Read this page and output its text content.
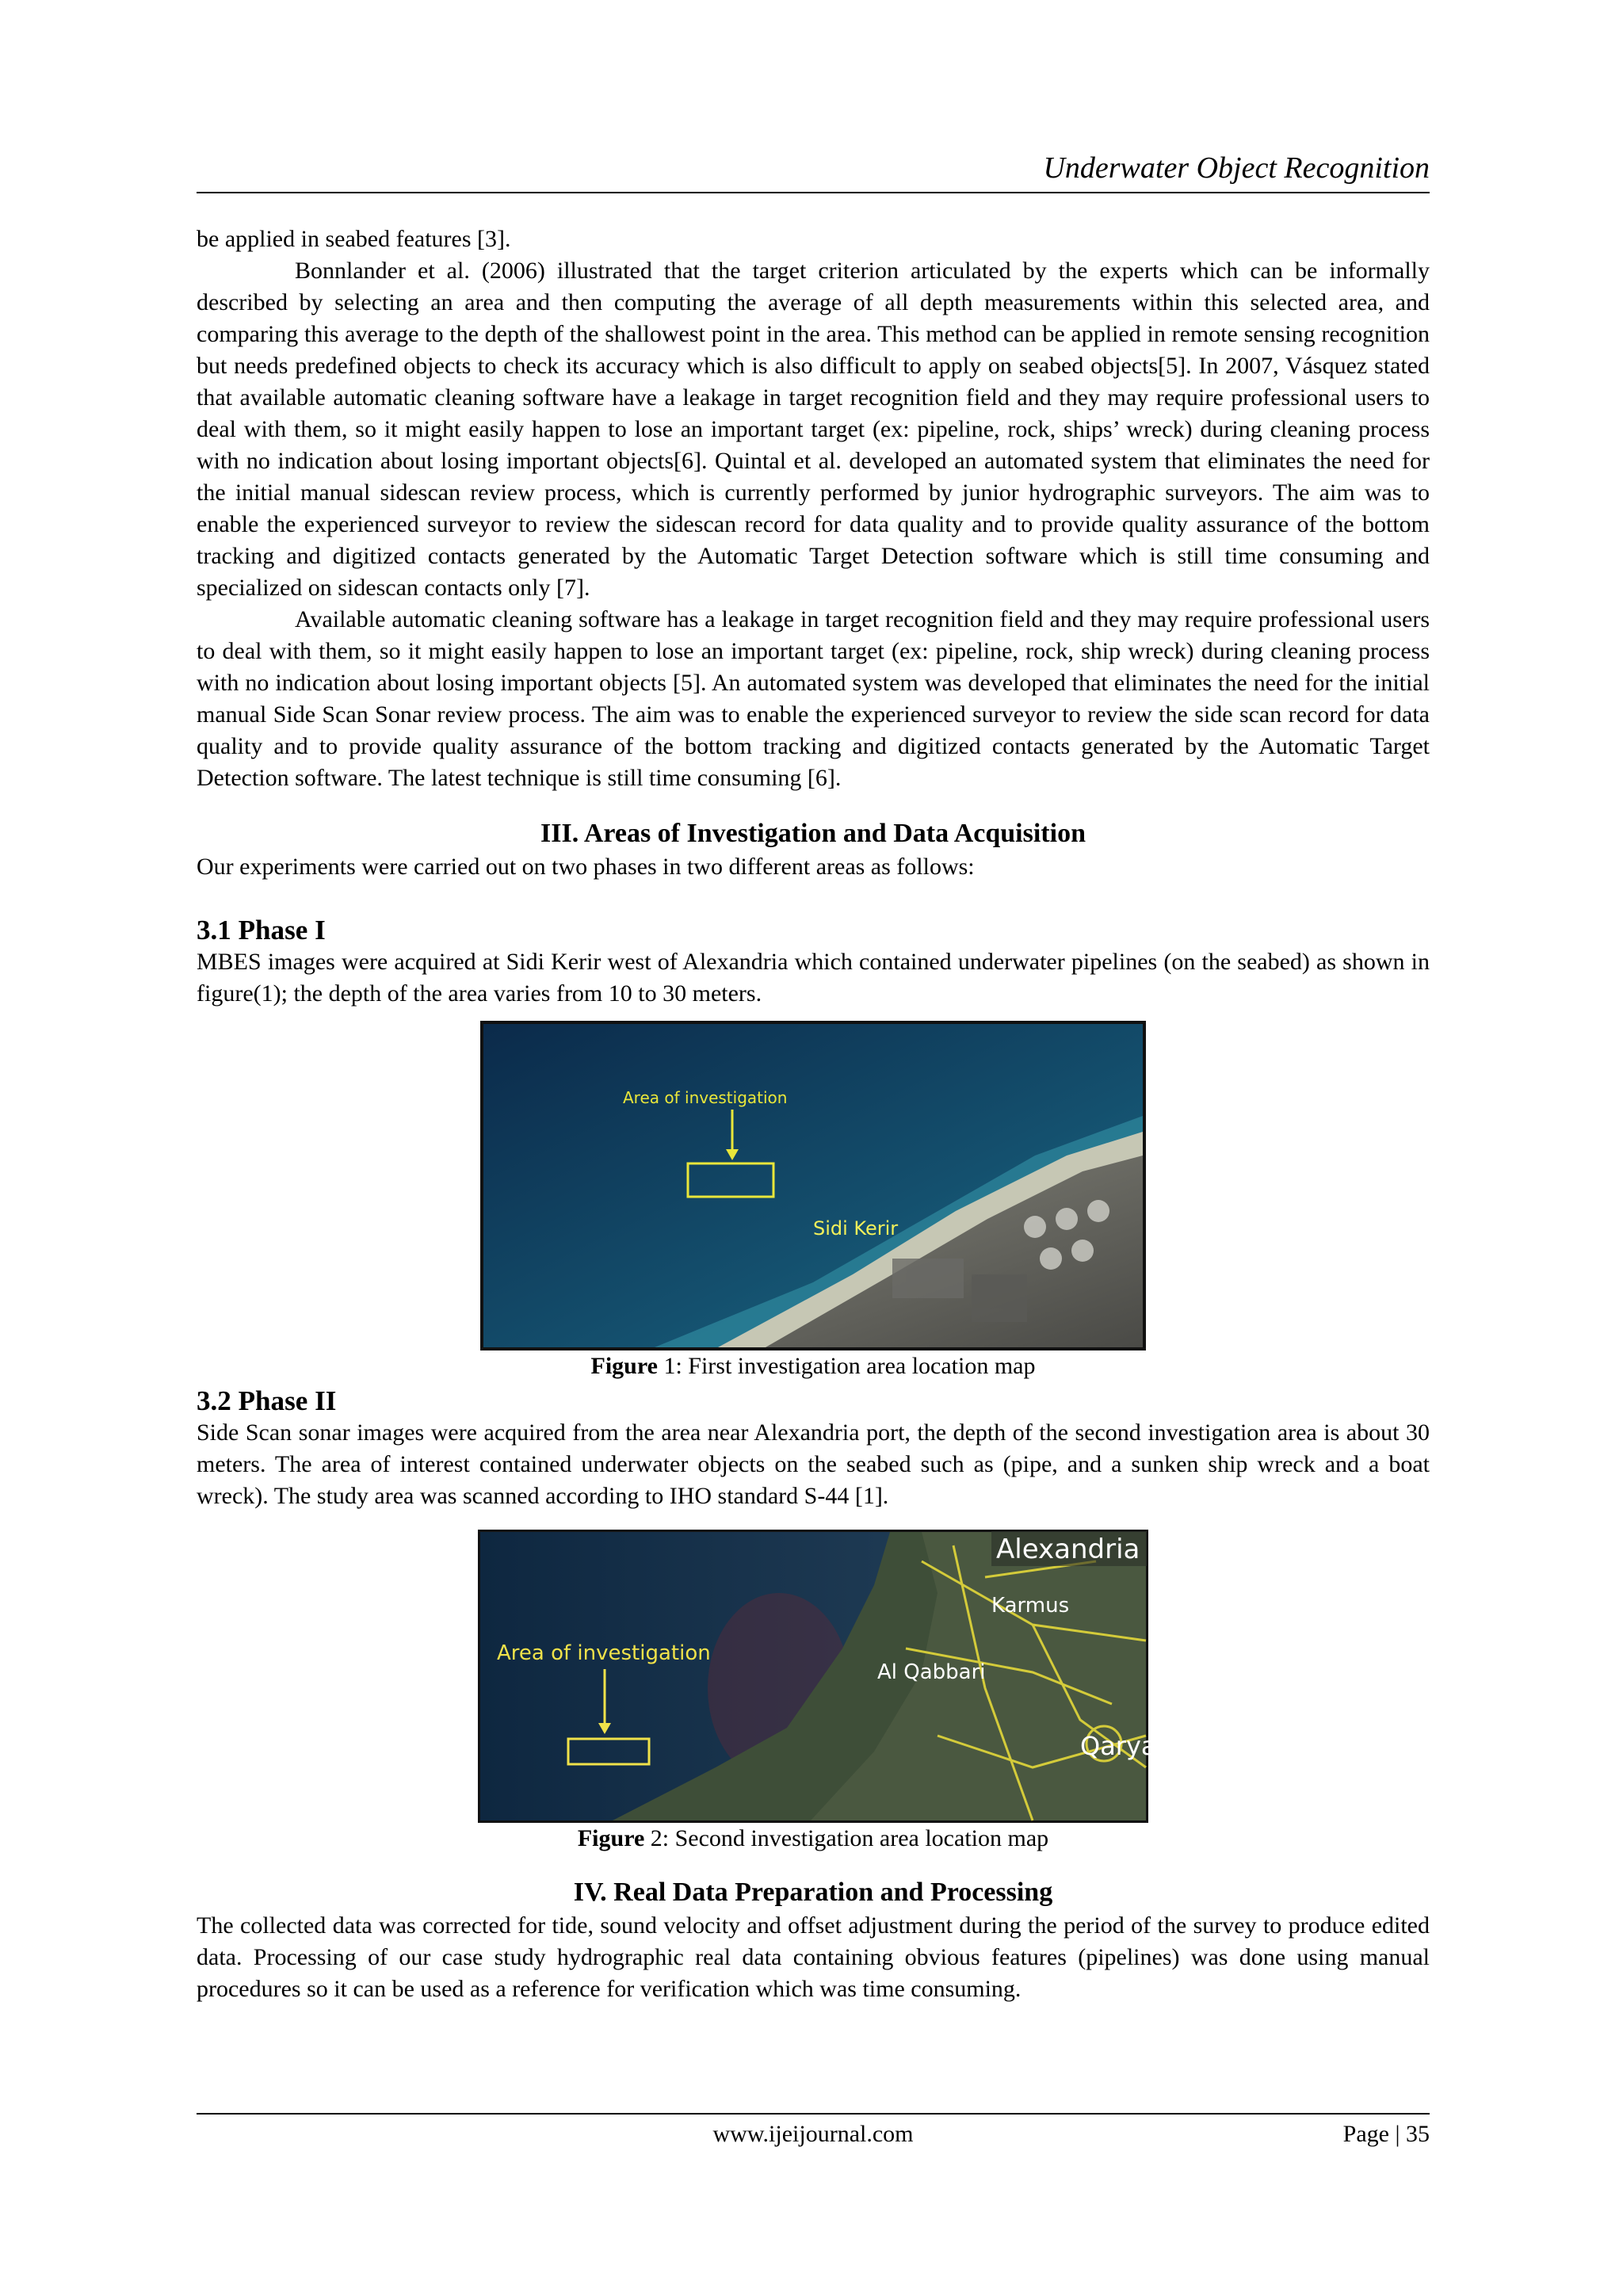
Underwater Object Recognition

be applied in seabed features [3].

Bonnlander et al. (2006) illustrated that the target criterion articulated by the experts which can be informally described by selecting an area and then computing the average of all depth measurements within this selected area, and comparing this average to the depth of the shallowest point in the area. This method can be applied in remote sensing recognition but needs predefined objects to check its accuracy which is also difficult to apply on seabed objects[5]. In 2007, Vásquez stated that available automatic cleaning software have a leakage in target recognition field and they may require professional users to deal with them, so it might easily happen to lose an important target (ex: pipeline, rock, ships’ wreck) during cleaning process with no indication about losing important objects[6]. Quintal et al. developed an automated system that eliminates the need for the initial manual sidescan review process, which is currently performed by junior hydrographic surveyors. The aim was to enable the experienced surveyor to review the sidescan record for data quality and to provide quality assurance of the bottom tracking and digitized contacts generated by the Automatic Target Detection software which is still time consuming and specialized on sidescan contacts only [7].

Available automatic cleaning software has a leakage in target recognition field and they may require professional users to deal with them, so it might easily happen to lose an important target (ex: pipeline, rock, ship wreck) during cleaning process with no indication about losing important objects [5]. An automated system was developed that eliminates the need for the initial manual Side Scan Sonar review process. The aim was to enable the experienced surveyor to review the side scan record for data quality and to provide quality assurance of the bottom tracking and digitized contacts generated by the Automatic Target Detection software. The latest technique is still time consuming [6].

III. Areas of Investigation and Data Acquisition

Our experiments were carried out on two phases in two different areas as follows:

3.1 Phase I

MBES images were acquired at Sidi Kerir west of Alexandria which contained underwater pipelines (on the seabed) as shown in figure(1); the depth of the area varies from 10 to 30 meters.

Area of investigation
Sidi Kerir

Figure 1: First investigation area location map

3.2 Phase II

Side Scan sonar images were acquired from the area near Alexandria port, the depth of the second investigation area is about 30 meters. The area of interest contained underwater objects on the seabed such as (pipe, and a sunken ship wreck and a boat wreck). The study area was scanned according to IHO standard S-44 [1].

Alexandria
Karmus
Al Qabbari
Qarya
Area of investigation

Figure 2: Second investigation area location map

IV. Real Data Preparation and Processing

The collected data was corrected for tide, sound velocity and offset adjustment during the period of the survey to produce edited data. Processing of our case study hydrographic real data containing obvious features (pipelines) was done using manual procedures so it can be used as a reference for verification which was time consuming.

www.ijeijournal.com	Page | 35
